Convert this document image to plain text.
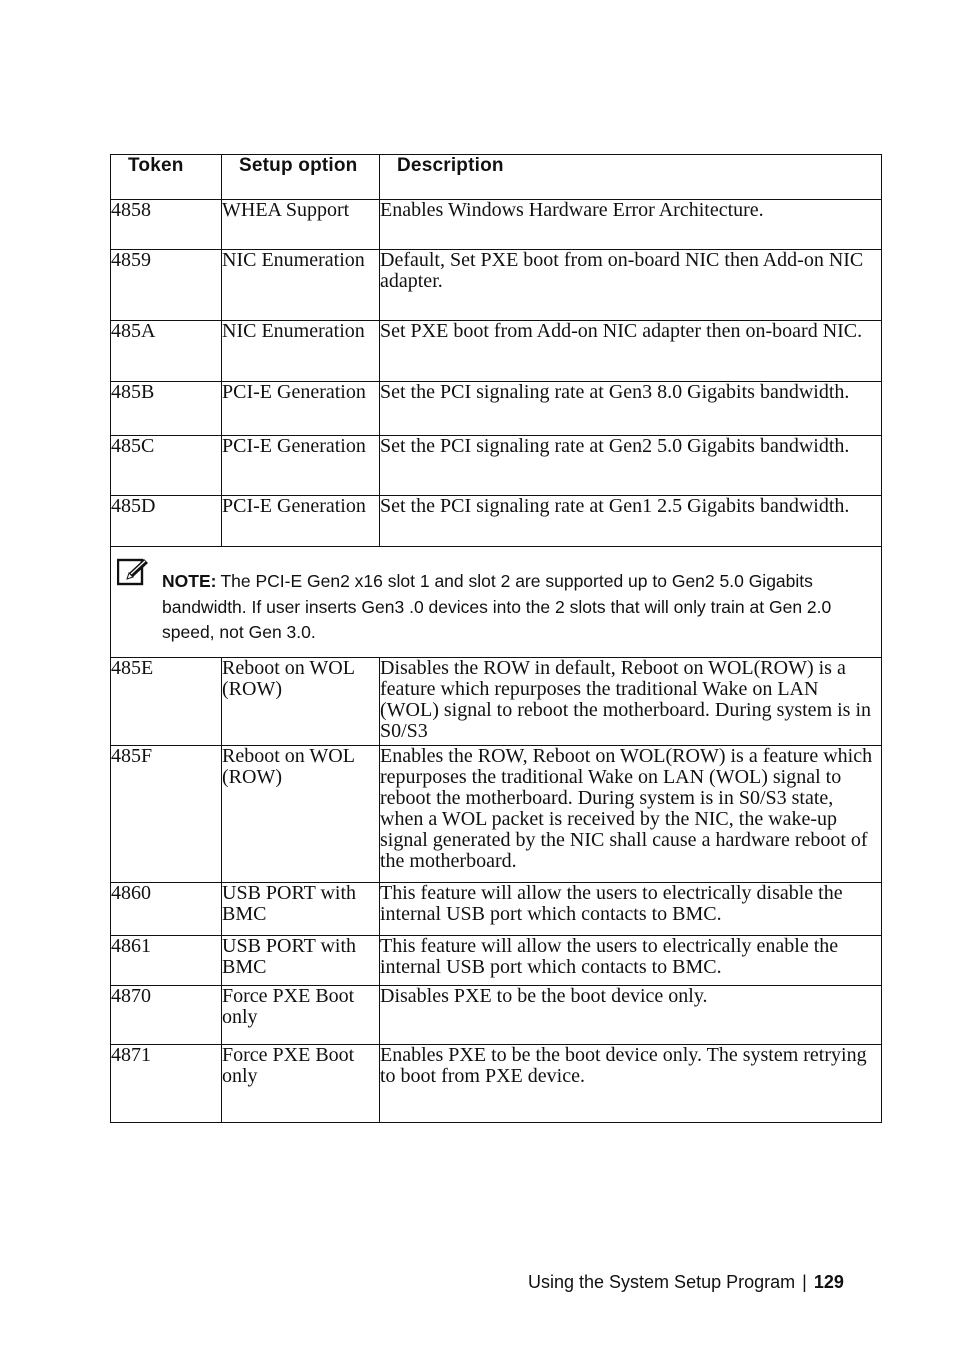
Token	Setup option	Description

4858	WHEA Support	Enables Windows Hardware Error Architecture.
4859	NIC Enumeration	Default, Set PXE boot from on-board NIC then Add-on NIC adapter.
485A	NIC Enumeration	Set PXE boot from Add-on NIC adapter then on-board NIC.
485B	PCI-E Generation	Set the PCI signaling rate at Gen3 8.0 Gigabits bandwidth.
485C	PCI-E Generation	Set the PCI signaling rate at Gen2 5.0 Gigabits bandwidth.
485D	PCI-E Generation	Set the PCI signaling rate at Gen1 2.5 Gigabits bandwidth.

NOTE: The PCI-E Gen2 x16 slot 1 and slot 2 are supported up to Gen2 5.0 Gigabits bandwidth. If user inserts Gen3 .0 devices into the 2 slots that will only train at Gen 2.0 speed, not Gen 3.0.		

485E	Reboot on WOL (ROW)	Disables the ROW in default, Reboot on WOL(ROW) is a feature which repurposes the traditional Wake on LAN (WOL) signal to reboot the motherboard. During system is in S0/S3
485F	Reboot on WOL (ROW)	Enables the ROW, Reboot on WOL(ROW) is a feature which repurposes the traditional Wake on LAN (WOL) signal to reboot the motherboard. During system is in S0/S3 state, when a WOL packet is received by the NIC, the wake-up signal generated by the NIC shall cause a hardware reboot of the motherboard.
4860	USB PORT with BMC	This feature will allow the users to electrically disable the internal USB port which contacts to BMC.
4861	USB PORT with BMC	This feature will allow the users to electrically enable the internal USB port which contacts to BMC.
4870	Force PXE Boot only	Disables PXE to be the boot device only.
4871	Force PXE Boot only	Enables PXE to be the boot device only. The system retrying to boot from PXE device.
Using the System Setup Program | 129
